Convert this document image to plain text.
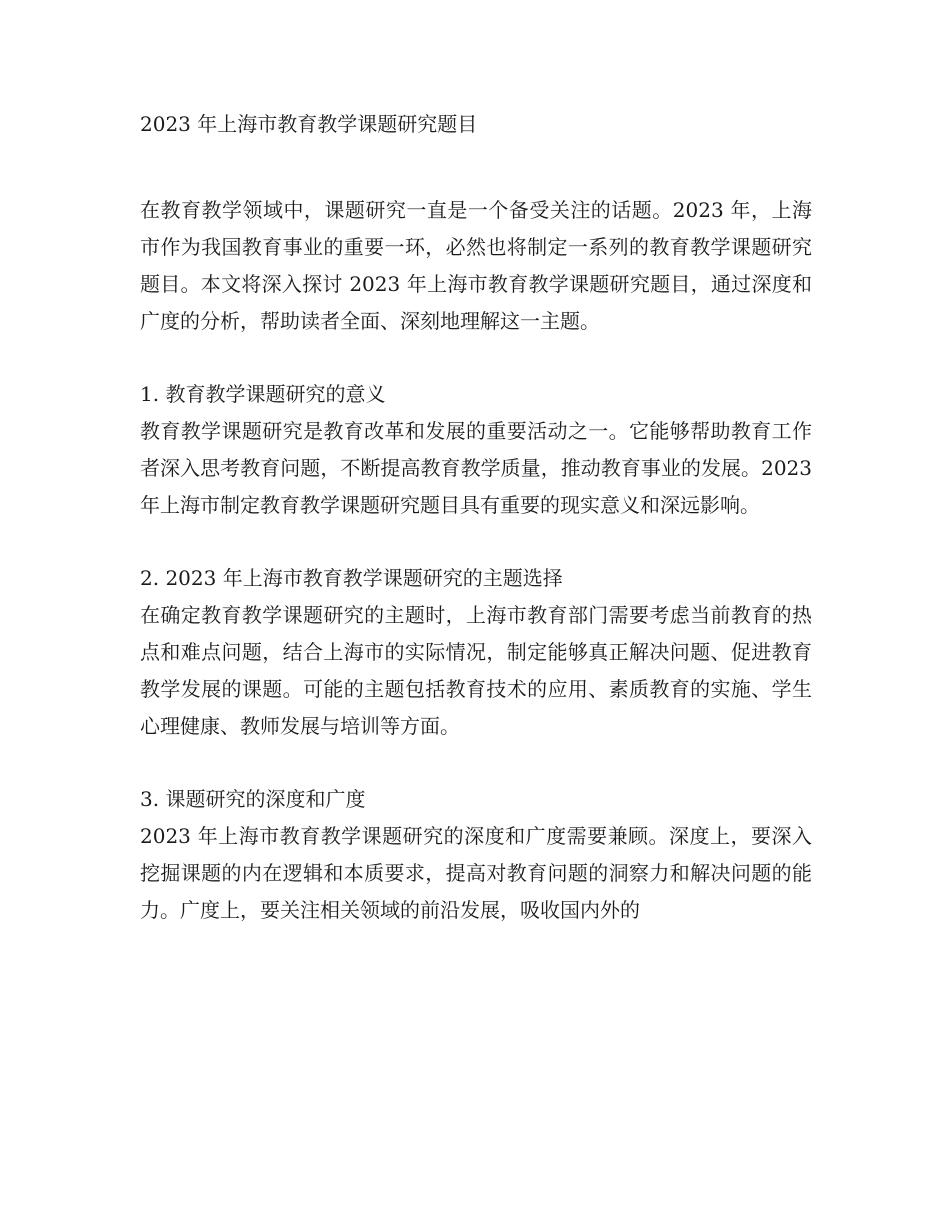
2023 年上海市教育教学课题研究题目

在教育教学领域中，课题研究一直是一个备受关注的话题。2023 年，上海市作为我国教育事业的重要一环，必然也将制定一系列的教育教学课题研究题目。本文将深入探讨 2023 年上海市教育教学课题研究题目，通过深度和广度的分析，帮助读者全面、深刻地理解这一主题。

1. 教育教学课题研究的意义

教育教学课题研究是教育改革和发展的重要活动之一。它能够帮助教育工作者深入思考教育问题，不断提高教育教学质量，推动教育事业的发展。2023 年上海市制定教育教学课题研究题目具有重要的现实意义和深远影响。

2. 2023 年上海市教育教学课题研究的主题选择

在确定教育教学课题研究的主题时，上海市教育部门需要考虑当前教育的热点和难点问题，结合上海市的实际情况，制定能够真正解决问题、促进教育教学发展的课题。可能的主题包括教育技术的应用、素质教育的实施、学生心理健康、教师发展与培训等方面。

3. 课题研究的深度和广度

2023 年上海市教育教学课题研究的深度和广度需要兼顾。深度上，要深入挖掘课题的内在逻辑和本质要求，提高对教育问题的洞察力和解决问题的能力。广度上，要关注相关领域的前沿发展，吸收国内外的
